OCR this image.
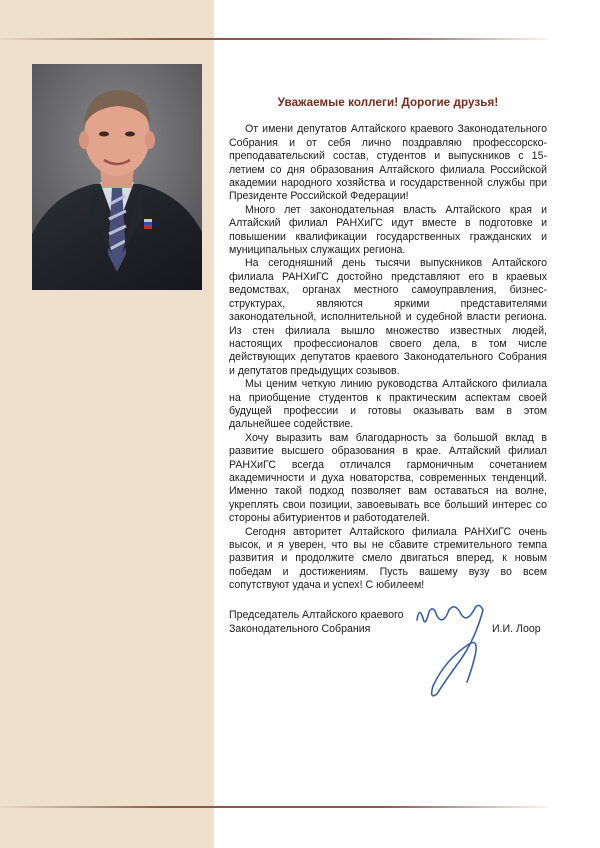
Уважаемые коллеги! Дорогие друзья!

От имени депутатов Алтайского краевого Законодательного Собрания и от себя лично поздравляю профессорско-преподавательский состав, студентов и выпускников с 15-летием со дня образования Алтайского филиала Российской академии народного хозяйства и государственной службы при Президенте Российской Федерации!

Много лет законодательная власть Алтайского края и Алтайский филиал РАНХиГС идут вместе в подготовке и повышении квалификации государственных гражданских и муниципальных служащих региона.

На сегодняшний день тысячи выпускников Алтайского филиала РАНХиГС достойно представляют его в краевых ведомствах, органах местного самоуправления, бизнес-структурах, являются яркими представителями законодательной, исполнительной и судебной власти региона. Из стен филиала вышло множество известных людей, настоящих профессионалов своего дела, в том числе действующих депутатов краевого Законодательного Собрания и депутатов предыдущих созывов.

Мы ценим четкую линию руководства Алтайского филиала на приобщение студентов к практическим аспектам своей будущей профессии и готовы оказывать вам в этом дальнейшее содействие.

Хочу выразить вам благодарность за большой вклад в развитие высшего образования в крае. Алтайский филиал РАНХиГС всегда отличался гармоничным сочетанием академичности и духа новаторства, современных тенденций. Именно такой подход позволяет вам оставаться на волне, укреплять свои позиции, завоевывать все больший интерес со стороны абитуриентов и работодателей.

Сегодня авторитет Алтайского филиала РАНХиГС очень высок, и я уверен, что вы не сбавите стремительного темпа развития и продолжите смело двигаться вперед, к новым победам и достижениям. Пусть вашему вузу во всем сопутствуют удача и успех! С юбилеем!

Председатель Алтайского краевого Законодательного Собрания	И.И. Лоор
